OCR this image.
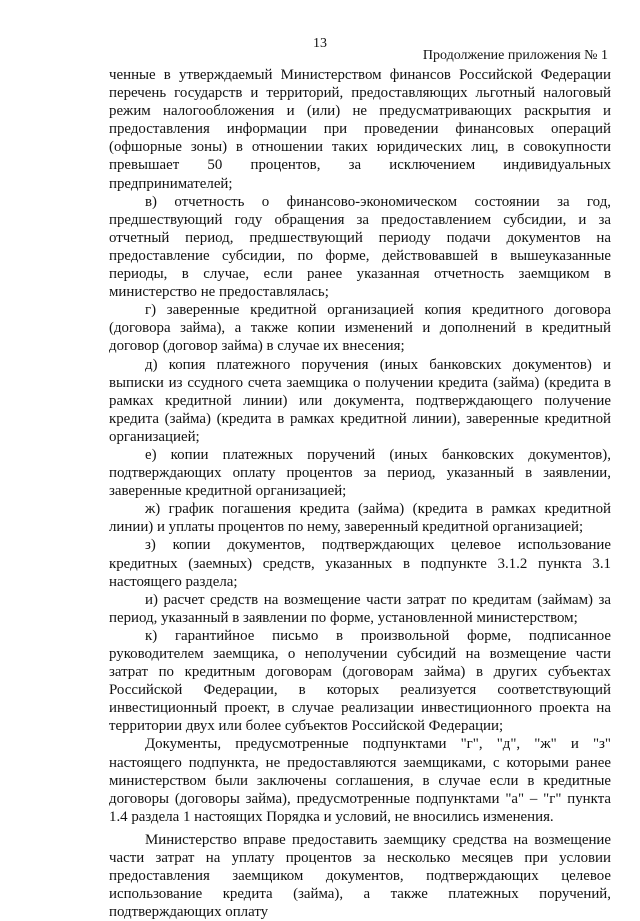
13
Продолжение приложения № 1

ченные в утверждаемый Министерством финансов Российской Федерации перечень государств и территорий, предоставляющих льготный налоговый режим налогообложения и (или) не предусматривающих раскрытия и предоставления информации при проведении финансовых операций (офшорные зоны) в отношении таких юридических лиц, в совокупности превышает 50 процентов, за исключением индивидуальных предпринимателей;

в) отчетность о финансово-экономическом состоянии за год, предшествующий году обращения за предоставлением субсидии, и за отчетный период, предшествующий периоду подачи документов на предоставление субсидии, по форме, действовавшей в вышеуказанные периоды, в случае, если ранее указанная отчетность заемщиком в министерство не предоставлялась;

г) заверенные кредитной организацией копия кредитного договора (договора займа), а также копии изменений и дополнений в кредитный договор (договор займа) в случае их внесения;

д) копия платежного поручения (иных банковских документов) и выписки из ссудного счета заемщика о получении кредита (займа) (кредита в рамках кредитной линии) или документа, подтверждающего получение кредита (займа) (кредита в рамках кредитной линии), заверенные кредитной организацией;

е) копии платежных поручений (иных банковских документов), подтверждающих оплату процентов за период, указанный в заявлении, заверенные кредитной организацией;

ж) график погашения кредита (займа) (кредита в рамках кредитной линии) и уплаты процентов по нему, заверенный кредитной организацией;

з) копии документов, подтверждающих целевое использование кредитных (заемных) средств, указанных в подпункте 3.1.2 пункта 3.1 настоящего раздела;

и) расчет средств на возмещение части затрат по кредитам (займам) за период, указанный в заявлении по форме, установленной министерством;

к) гарантийное письмо в произвольной форме, подписанное руководителем заемщика, о неполучении субсидий на возмещение части затрат по кредитным договорам (договорам займа) в других субъектах Российской Федерации, в которых реализуется соответствующий инвестиционный проект, в случае реализации инвестиционного проекта на территории двух или более субъектов Российской Федерации;

Документы, предусмотренные подпунктами "г", "д", "ж" и "з" настоящего подпункта, не предоставляются заемщиками, с которыми ранее министерством были заключены соглашения, в случае если в кредитные договоры (договоры займа), предусмотренные подпунктами "а" – "г" пункта 1.4 раздела 1 настоящих Порядка и условий, не вносились изменения.

Министерство вправе предоставить заемщику средства на возмещение части затрат на уплату процентов за несколько месяцев при условии предоставления заемщиком документов, подтверждающих целевое использование кредита (займа), а также платежных поручений, подтверждающих оплату
